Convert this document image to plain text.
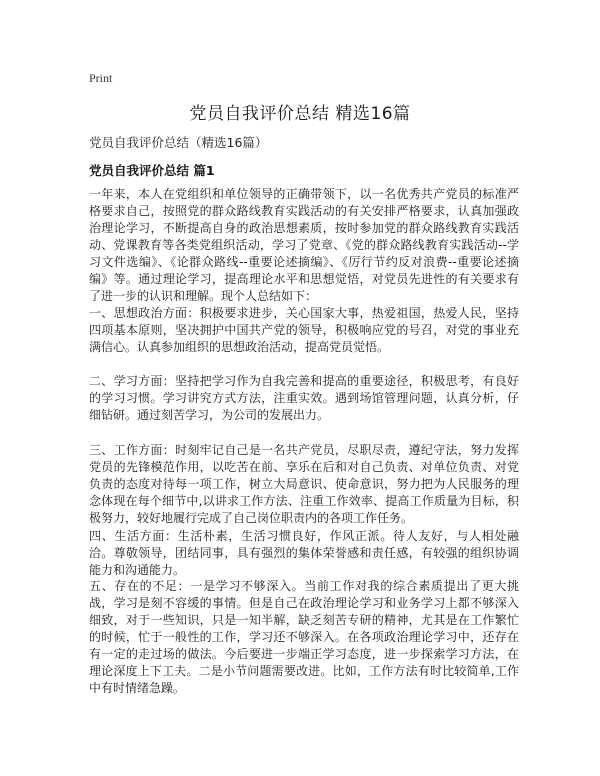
Print
党员自我评价总结 精选16篇
党员自我评价总结（精选16篇）
党员自我评价总结 篇1

一年来，本人在党组织和单位领导的正确带领下，以一名优秀共产党员的标准严格要求自己，按照党的群众路线教育实践活动的有关安排严格要求，认真加强政治理论学习，不断提高自身的政治思想素质，按时参加党的群众路线教育实践活动、党课教育等各类党组织活动，学习了党章、《党的群众路线教育实践活动--学习文件选编》、《论群众路线--重要论述摘编》、《厉行节约反对浪费--重要论述摘编》等。通过理论学习，提高理论水平和思想觉悟，对党员先进性的有关要求有了进一步的认识和理解。现个人总结如下：

一、思想政治方面：积极要求进步，关心国家大事，热爱祖国，热爱人民，坚持四项基本原则，坚决拥护中国共产党的领导，积极响应党的号召，对党的事业充满信心。认真参加组织的思想政治活动，提高党员觉悟。

二、学习方面：坚持把学习作为自我完善和提高的重要途径，积极思考，有良好的学习习惯。学习讲究方式方法，注重实效。遇到场馆管理问题，认真分析，仔细钻研。通过刻苦学习，为公司的发展出力。

三、工作方面：时刻牢记自己是一名共产党员，尽职尽责，遵纪守法，努力发挥党员的先锋模范作用，以吃苦在前、享乐在后和对自己负责、对单位负责、对党负责的态度对待每一项工作，树立大局意识、使命意识，努力把为人民服务的理念体现在每个细节中,以讲求工作方法、注重工作效率、提高工作质量为目标，积极努力，较好地履行完成了自己岗位职责内的各项工作任务。

四、生活方面：生活朴素，生活习惯良好，作风正派。待人友好，与人相处融洽。尊敬领导，团结同事，具有强烈的集体荣誉感和责任感，有较强的组织协调能力和沟通能力。

五、存在的不足：一是学习不够深入。当前工作对我的综合素质提出了更大挑战，学习是刻不容缓的事情。但是自己在政治理论学习和业务学习上都不够深入细致，对于一些知识，只是一知半解，缺乏刻苦专研的精神，尤其是在工作繁忙的时候，忙于一般性的工作，学习还不够深入。在各项政治理论学习中，还存在有一定的走过场的做法。今后要进一步端正学习态度，进一步探索学习方法，在理论深度上下工夫。二是小节问题需要改进。比如，工作方法有时比较简单,工作中有时情绪急躁。
